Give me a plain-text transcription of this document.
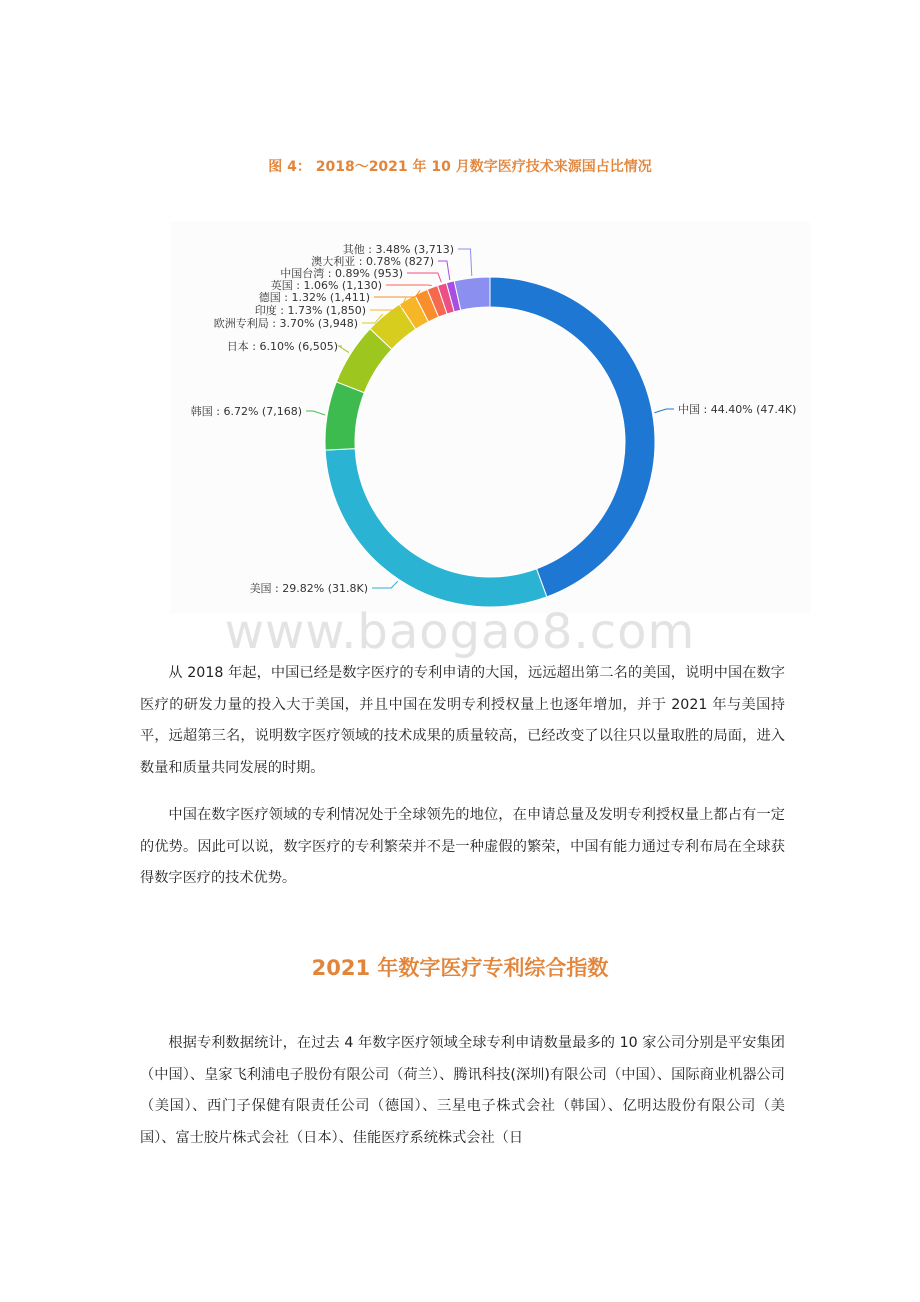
图 4： 2018～2021 年 10 月数字医疗技术来源国占比情况
中国 : 44.40% (47.4K)
美国 : 29.82% (31.8K)
韩国 : 6.72% (7,168)
日本 : 6.10% (6,505)
欧洲专利局 : 3.70% (3,948)
印度 : 1.73% (1,850)
德国 : 1.32% (1,411)
英国 : 1.06% (1,130)
中国台湾 : 0.89% (953)
澳大利亚 : 0.78% (827)
其他 : 3.48% (3,713)
www.baogao8.com

从 2018 年起，中国已经是数字医疗的专利申请的大国，远远超出第二名的美国，说明中国在数字医疗的研发力量的投入大于美国，并且中国在发明专利授权量上也逐年增加，并于 2021 年与美国持平，远超第三名，说明数字医疗领域的技术成果的质量较高，已经改变了以往只以量取胜的局面，进入数量和质量共同发展的时期。

中国在数字医疗领域的专利情况处于全球领先的地位，在申请总量及发明专利授权量上都占有一定的优势。因此可以说，数字医疗的专利繁荣并不是一种虚假的繁荣，中国有能力通过专利布局在全球获得数字医疗的技术优势。

2021 年数字医疗专利综合指数

根据专利数据统计，在过去 4 年数字医疗领域全球专利申请数量最多的 10 家公司分别是平安集团（中国）、皇家飞利浦电子股份有限公司（荷兰）、腾讯科技(深圳)有限公司（中国）、国际商业机器公司（美国）、西门子保健有限责任公司（德国）、三星电子株式会社（韩国）、亿明达股份有限公司（美国）、富士胶片株式会社（日本）、佳能医疗系统株式会社（日
